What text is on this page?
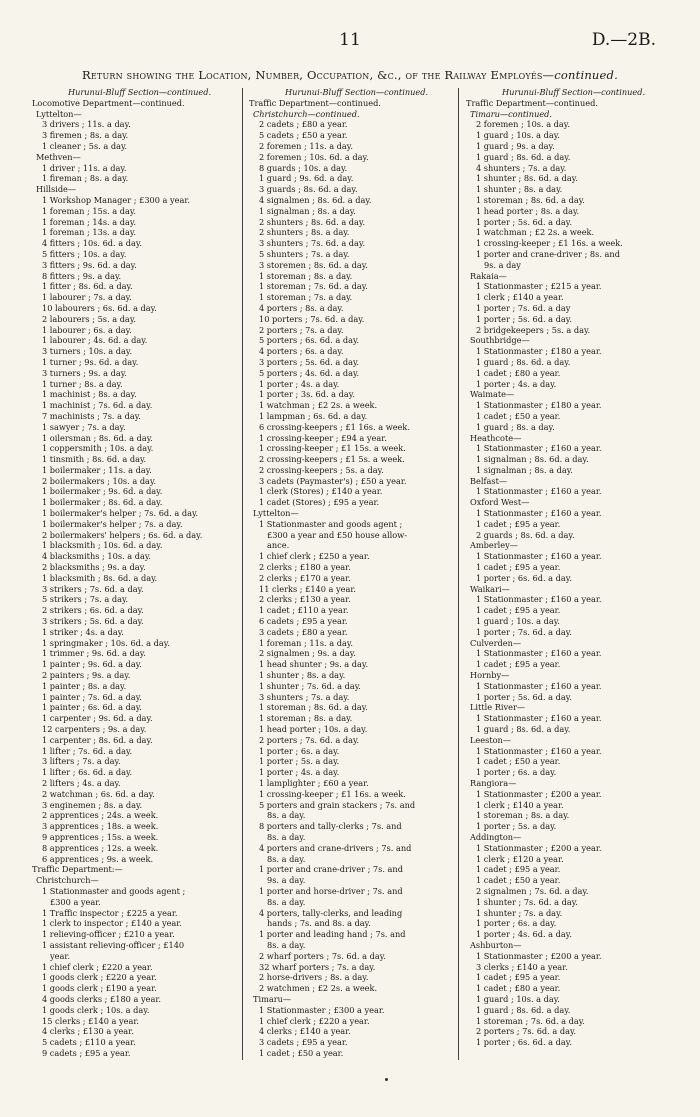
11	D.—2B.
Return showing the Location, Number, Occupation, &c., of the Railway Employés—continued.
Hurunui-Bluff Section—continued.
Locomotive Department—continued.
Lyttelton—
3 drivers ; 11s. a day.
3 firemen ; 8s. a day.
1 cleaner ; 5s. a day.
Methven—
1 driver ; 11s. a day.
1 fireman ; 8s. a day.
Hillside—
1 Workshop Manager ; £300 a year.
1 foreman ; 15s. a day.
1 foreman ; 14s. a day.
1 foreman ; 13s. a day.
4 fitters ; 10s. 6d. a day.
5 fitters ; 10s. a day.
3 fitters ; 9s. 6d. a day.
8 fitters ; 9s. a day.
1 fitter ; 8s. 6d. a day.
1 labourer ; 7s. a day.
10 labourers ; 6s. 6d. a day.
2 labourers ; 5s. a day.
1 labourer ; 6s. a day.
1 labourer ; 4s. 6d. a day.
3 turners ; 10s. a day.
1 turner ; 9s. 6d. a day.
3 turners ; 9s. a day.
1 turner ; 8s. a day.
1 machinist ; 8s. a day.
1 machinist ; 7s. 6d. a day.
7 machinists ; 7s. a day.
1 sawyer ; 7s. a day.
1 oilersman ; 8s. 6d. a day.
1 coppersmith ; 10s. a day.
1 tinsmith ; 8s. 6d. a day.
1 boilermaker ; 11s. a day.
2 boilermakers ; 10s. a day.
1 boilermaker ; 9s. 6d. a day.
1 boilermaker ; 8s. 6d. a day.
1 boilermaker's helper ; 7s. 6d. a day.
1 boilermaker's helper ; 7s. a day.
2 boilermakers' helpers ; 6s. 6d. a day.
1 blacksmith ; 10s. 6d. a day.
4 blacksmiths ; 10s. a day.
2 blacksmiths ; 9s. a day.
1 blacksmith ; 8s. 6d. a day.
3 strikers ; 7s. 6d. a day.
5 strikers ; 7s. a day.
2 strikers ; 6s. 6d. a day.
3 strikers ; 5s. 6d. a day.
1 striker ; 4s. a day.
1 springmaker ; 10s. 6d. a day.
1 trimmer ; 9s. 6d. a day.
1 painter ; 9s. 6d. a day.
2 painters ; 9s. a day.
1 painter ; 8s. a day.
1 painter ; 7s. 6d. a day.
1 painter ; 6s. 6d. a day.
1 carpenter ; 9s. 6d. a day.
12 carpenters ; 9s. a day.
1 carpenter ; 8s. 6d. a day.
1 lifter ; 7s. 6d. a day.
3 lifters ; 7s. a day.
1 lifter ; 6s. 6d. a day.
2 lifters ; 4s. a day.
2 watchman ; 6s. 6d. a day.
3 enginemen ; 8s. a day.
2 apprentices ; 24s. a week.
3 apprentices ; 18s. a week.
9 apprentices ; 15s. a week.
8 apprentices ; 12s. a week.
6 apprentices ; 9s. a week.
Traffic Department:—
Christchurch—
1 Stationmaster and goods agent ;
£300 a year.
1 Traffic inspector ; £225 a year.
1 clerk to inspector ; £140 a year.
1 relieving-officer ; £210 a year.
1 assistant relieving-officer ; £140
year.
1 chief clerk ; £220 a year.
1 goods clerk ; £220 a year.
1 goods clerk ; £190 a year.
4 goods clerks ; £180 a year.
1 goods clerk ; 10s. a day.
15 clerks ; £140 a year.
4 clerks ; £130 a year.
5 cadets ; £110 a year.
9 cadets ; £95 a year.
Hurunui-Bluff Section—continued.
Traffic Department—continued.
Christchurch—continued.
2 cadets ; £80 a year.
5 cadets ; £50 a year.
2 foremen ; 11s. a day.
2 foremen ; 10s. 6d. a day.
8 guards ; 10s. a day.
1 guard ; 9s. 6d. a day.
3 guards ; 8s. 6d. a day.
4 signalmen ; 8s. 6d. a day.
1 signalman ; 8s. a day.
2 shunters ; 8s. 6d. a day.
2 shunters ; 8s. a day.
3 shunters ; 7s. 6d. a day.
5 shunters ; 7s. a day.
3 storemen ; 8s. 6d. a day.
1 storeman ; 8s. a day.
1 storeman ; 7s. 6d. a day.
1 storeman ; 7s. a day.
4 porters ; 8s. a day.
10 porters ; 7s. 6d. a day.
2 porters ; 7s. a day.
5 porters ; 6s. 6d. a day.
4 porters ; 6s. a day.
3 porters ; 5s. 6d. a day.
5 porters ; 4s. 6d. a day.
1 porter ; 4s. a day.
1 porter ; 3s. 6d. a day.
1 watchman ; £2 2s. a week.
1 lampman ; 6s. 6d. a day.
6 crossing-keepers ; £1 16s. a week.
1 crossing-keeper ; £94 a year.
1 crossing-keeper ; £1 15s. a week.
2 crossing-keepers ; £1 5s. a week.
2 crossing-keepers ; 5s. a day.
3 cadets (Paymaster's) ; £50 a year.
1 clerk (Stores) ; £140 a year.
1 cadet (Stores) ; £95 a year.
Lyttelton—
1 Stationmaster and goods agent ;
£300 a year and £50 house allow-
ance.
1 chief clerk ; £250 a year.
2 clerks ; £180 a year.
2 clerks ; £170 a year.
11 clerks ; £140 a year.
2 clerks ; £130 a year.
1 cadet ; £110 a year.
6 cadets ; £95 a year.
3 cadets ; £80 a year.
1 foreman ; 11s. a day.
2 signalmen ; 9s. a day.
1 head shunter ; 9s. a day.
1 shunter ; 8s. a day.
1 shunter ; 7s. 6d. a day.
3 shunters ; 7s. a day.
1 storeman ; 8s. 6d. a day.
1 storeman ; 8s. a day.
1 head porter ; 10s. a day.
2 porters ; 7s. 6d. a day.
1 porter ; 6s. a day.
1 porter ; 5s. a day.
1 porter ; 4s. a day.
1 lamplighter ; £60 a year.
1 crossing-keeper ; £1 16s. a week.
5 porters and grain stackers ; 7s. and
8s. a day.
8 porters and tally-clerks ; 7s. and
8s. a day.
4 porters and crane-drivers ; 7s. and
8s. a day.
1 porter and crane-driver ; 7s. and
9s. a day.
1 porter and horse-driver ; 7s. and
8s. a day.
4 porters, tally-clerks, and leading
hands ; 7s. and 8s. a day.
1 porter and leading hand ; 7s. and
8s. a day.
2 wharf porters ; 7s. 6d. a day.
32 wharf porters ; 7s. a day.
2 horse-drivers ; 8s. a day.
2 watchmen ; £2 2s. a week.
Timaru—
1 Stationmaster ; £300 a year.
1 chief clerk ; £220 a year.
4 clerks ; £140 a year.
3 cadets ; £95 a year.
1 cadet ; £50 a year.
Hurunui-Bluff Section—continued.
Traffic Department—continued.
Timaru—continued.
2 foremen ; 10s. a day.
1 guard ; 10s. a day.
1 guard ; 9s. a day.
1 guard ; 8s. 6d. a day.
4 shunters ; 7s. a day.
1 shunter ; 8s. 6d. a day.
1 shunter ; 8s. a day.
1 storeman ; 8s. 6d. a day.
1 head porter ; 8s. a day.
1 porter ; 5s. 6d. a day.
1 watchman ; £2 2s. a week.
1 crossing-keeper ; £1 16s. a week.
1 porter and crane-driver ; 8s. and
9s. a day
Rakaia—
1 Stationmaster ; £215 a year.
1 clerk ; £140 a year.
1 porter ; 7s. 6d. a day
1 porter ; 5s. 6d. a day.
2 bridgekeepers ; 5s. a day.
Southbridge—
1 Stationmaster ; £180 a year.
1 guard ; 8s. 6d. a day.
1 cadet ; £80 a year.
1 porter ; 4s. a day.
Waimate—
1 Stationmaster ; £180 a year.
1 cadet ; £50 a year.
1 guard ; 8s. a day.
Heathcote—
1 Stationmaster ; £160 a year.
1 signalman ; 8s. 6d. a day.
1 signalman ; 8s. a day.
Belfast—
1 Stationmaster ; £160 a year.
Oxford West—
1 Stationmaster ; £160 a year.
1 cadet ; £95 a year.
2 guards ; 8s. 6d. a day.
Amberley—
1 Stationmaster ; £160 a year.
1 cadet ; £95 a year.
1 porter ; 6s. 6d. a day.
Waikari—
1 Stationmaster ; £160 a year.
1 cadet ; £95 a year.
1 guard ; 10s. a day.
1 porter ; 7s. 6d. a day.
Culverden—
1 Stationmaster ; £160 a year.
1 cadet ; £95 a year.
Hornby—
1 Stationmaster ; £160 a year.
1 porter ; 5s. 6d. a day.
Little River—
1 Stationmaster ; £160 a year.
1 guard ; 8s. 6d. a day.
Leeston—
1 Stationmaster ; £160 a year.
1 cadet ; £50 a year.
1 porter ; 6s. a day.
Rangiora—
1 Stationmaster ; £200 a year.
1 clerk ; £140 a year.
1 storeman ; 8s. a day.
1 porter ; 5s. a day.
Addington—
1 Stationmaster ; £200 a year.
1 clerk ; £120 a year.
1 cadet ; £95 a year.
1 cadet ; £50 a year.
2 signalmen ; 7s. 6d. a day.
1 shunter ; 7s. 6d. a day.
1 shunter ; 7s. a day.
1 porter ; 6s. a day.
1 porter ; 4s. 6d. a day.
Ashburton—
1 Stationmaster ; £200 a year.
3 clerks ; £140 a year.
1 cadet ; £95 a year.
1 cadet ; £80 a year.
1 guard ; 10s. a day.
1 guard ; 8s. 6d. a day.
1 storeman ; 7s. 6d. a day.
2 porters ; 7s. 6d. a day.
1 porter ; 6s. 6d. a day.
